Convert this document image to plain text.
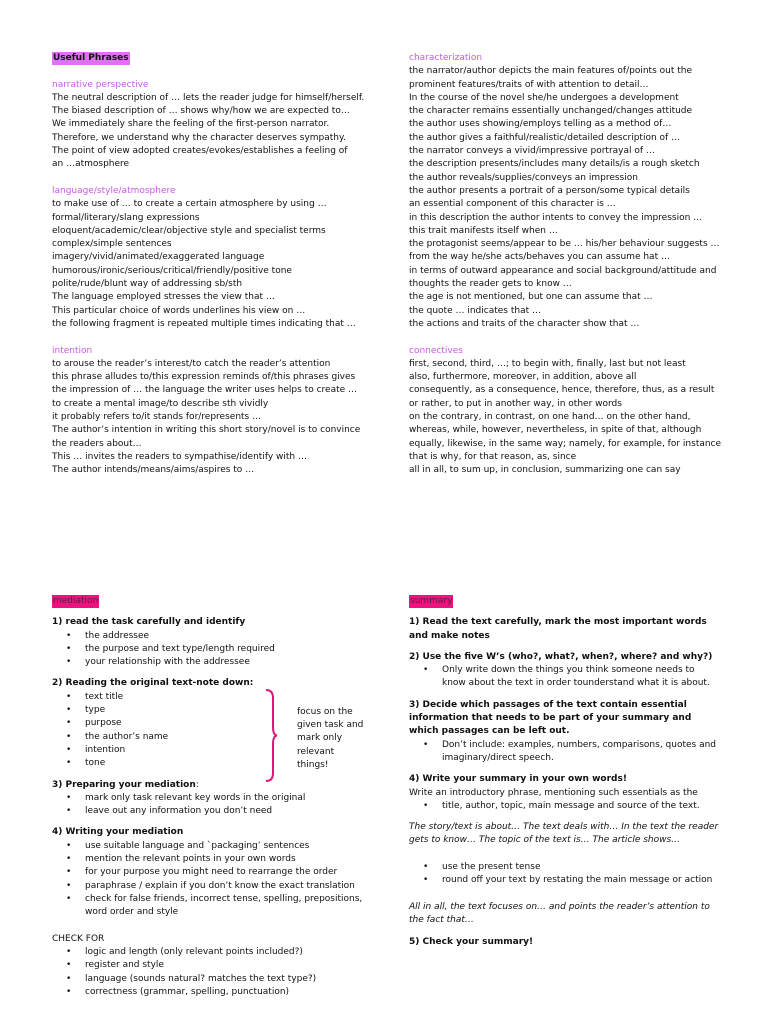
Useful Phrases
narrative perspective
The neutral description of … lets the reader judge for himself/herself.
The biased description of … shows why/how we are expected to…
We immediately share the feeling of the first-person narrator.
Therefore, we understand why the character deserves sympathy.
The point of view adopted creates/evokes/establishes a feeling of
an …atmosphere
language/style/atmosphere
to make use of … to create a certain atmosphere by using …
formal/literary/slang expressions
eloquent/academic/clear/objective style and specialist terms
complex/simple sentences
imagery/vivid/animated/exaggerated language
humorous/ironic/serious/critical/friendly/positive tone
polite/rude/blunt way of addressing sb/sth
The language employed stresses the view that …
This particular choice of words underlines his view on …
the following fragment is repeated multiple times indicating that …
intention
to arouse the reader’s interest/to catch the reader’s attention
this phrase alludes to/this expression reminds of/this phrases gives
the impression of … the language the writer uses helps to create …
to create a mental image/to describe sth vividly
it probably refers to/it stands for/represents …
The author’s intention in writing this short story/novel is to convince
the readers about…
This … invites the readers to sympathise/identify with …
The author intends/means/aims/aspires to …
characterization
the narrator/author depicts the main features of/points out the
prominent features/traits of with attention to detail…
In the course of the novel she/he undergoes a development
the character remains essentially unchanged/changes attitude
the author uses showing/employs telling as a method of…
the author gives a faithful/realistic/detailed description of …
the narrator conveys a vivid/impressive portrayal of …
the description presents/includes many details/is a rough sketch
the author reveals/supplies/conveys an impression
the author presents a portrait of a person/some typical details
an essential component of this character is …
in this description the author intents to convey the impression …
this trait manifests itself when …
the protagonist seems/appear to be … his/her behaviour suggests …
from the way he/she acts/behaves you can assume hat …
in terms of outward appearance and social background/attitude and
thoughts the reader gets to know …
the age is not mentioned, but one can assume that …
the quote … indicates that …
the actions and traits of the character show that …
connectives
first, second, third, …; to begin with, finally, last but not least
also, furthermore, moreover, in addition, above all
consequently, as a consequence, hence, therefore, thus, as a result
or rather, to put in another way, in other words
on the contrary, in contrast, on one hand… on the other hand,
whereas, while, however, nevertheless, in spite of that, although
equally, likewise, in the same way; namely, for example, for instance
that is why, for that reason, as, since
all in all, to sum up, in conclusion, summarizing one can say
mediation
1) read the task carefully and identify
• the addressee
• the purpose and text type/length required
• your relationship with the addressee
2) Reading the original text-note down:
• text title
• type
• purpose
• the author’s name
• intention
• tone
focus on the given task and mark only relevant things!
3) Preparing your mediation:
• mark only task relevant key words in the original
• leave out any information you don’t need
4) Writing your mediation
• use suitable language and `packaging’ sentences
• mention the relevant points in your own words
• for your purpose you might need to rearrange the order
• paraphrase / explain if you don’t know the exact translation
• check for false friends, incorrect tense, spelling, prepositions,
word order and style
CHECK FOR
• logic and length (only relevant points included?)
• register and style
• language (sounds natural? matches the text type?)
• correctness (grammar, spelling, punctuation)
summary
1) Read the text carefully, mark the most important words and make notes
2) Use the five W’s (who?, what?, when?, where? and why?)
• Only write down the things you think someone needs to know about the text in order tounderstand what it is about.
3) Decide which passages of the text contain essential information that needs to be part of your summary and which passages can be left out.
• Don’t include: examples, numbers, comparisons, quotes and imaginary/direct speech.
4) Write your summary in your own words!
Write an introductory phrase, mentioning such essentials as the
• title, author, topic, main message and source of the text.
The story/text is about… The text deals with… In the text the reader gets to know… The topic of the text is… The article shows…
• use the present tense
• round off your text by restating the main message or action
All in all, the text focuses on… and points the reader’s attention to the fact that…
5) Check your summary!
